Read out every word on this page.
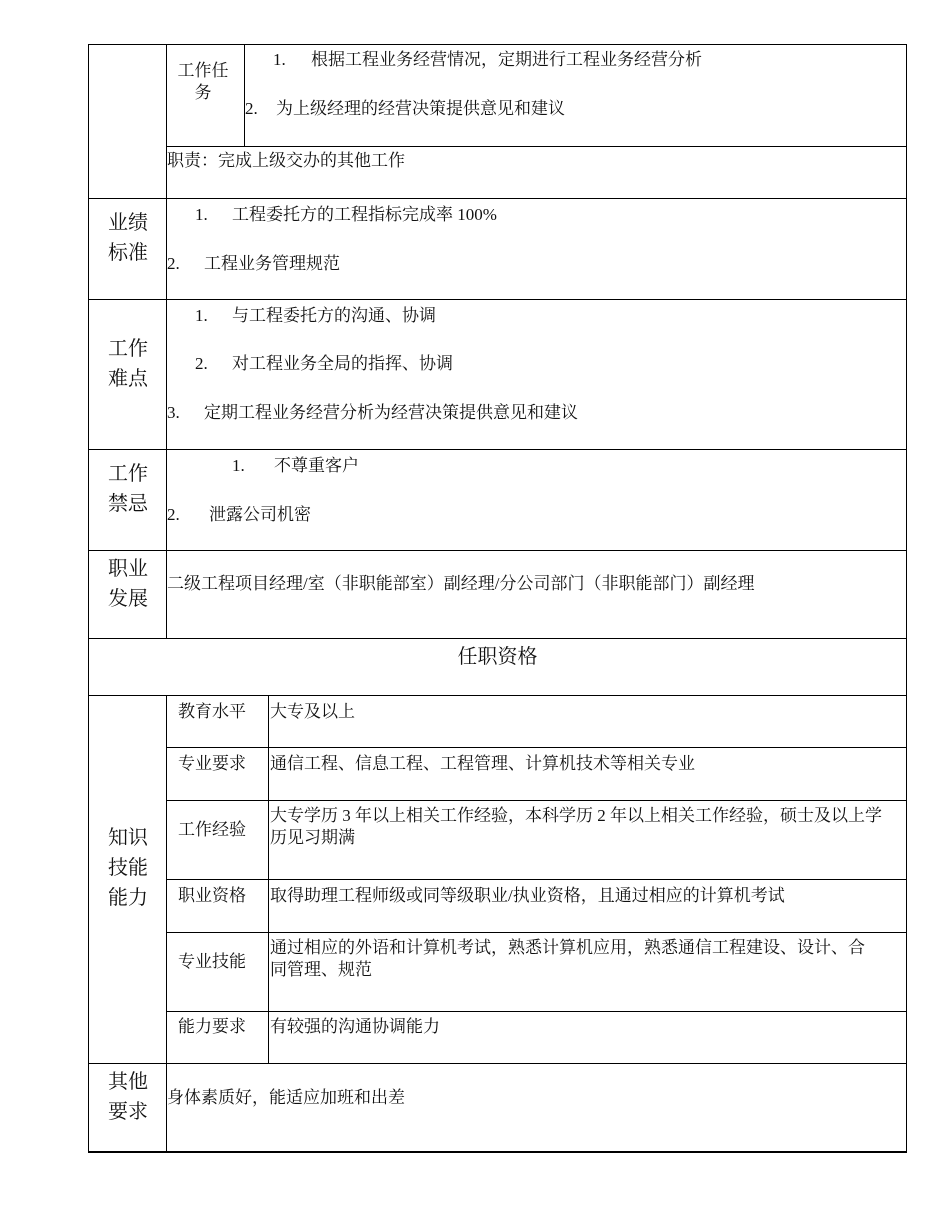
工作任务
1. 根据工程业务经营情况，定期进行工程业务经营分析
2. 为上级经理的经营决策提供意见和建议
职责：完成上级交办的其他工作
业绩标准
1. 工程委托方的工程指标完成率 100%
2. 工程业务管理规范
工作难点
1. 与工程委托方的沟通、协调
2. 对工程业务全局的指挥、协调
3. 定期工程业务经营分析为经营决策提供意见和建议
工作禁忌
1. 不尊重客户
2. 泄露公司机密
职业发展
二级工程项目经理/室（非职能部室）副经理/分公司部门（非职能部门）副经理
任职资格
知识技能能力
教育水平 大专及以上
专业要求 通信工程、信息工程、工程管理、计算机技术等相关专业
工作经验
大专学历 3 年以上相关工作经验，本科学历 2 年以上相关工作经验，硕士及以上学历见习期满
职业资格 取得助理工程师级或同等级职业/执业资格，且通过相应的计算机考试
专业技能
通过相应的外语和计算机考试，熟悉计算机应用，熟悉通信工程建设、设计、合同管理、规范
能力要求 有较强的沟通协调能力
其他要求
身体素质好，能适应加班和出差
